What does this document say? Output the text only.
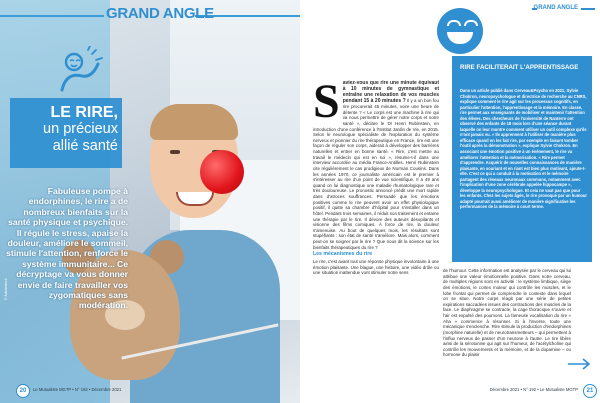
GRAND ANGLE
LE RIRE,
un précieux
allié santé
Fabuleuse pompe à endorphines, le rire a de nombreux bienfaits sur la santé physique et psychique. Il régule le stress, apaise la douleur, améliore le sommeil, stimule l'attention, renforce le système immunitaire... Ce décryptage va vous donner envie de faire travailler vos zygomatiques sans modération.
© Adobestock
20	Le Mutualiste MGTP • N° 192 • Décembre 2021
GRAND ANGLE
S aviez-vous que rire une minute équivaut à 10 minutes de gymnastique et entraîne une relaxation de vos muscles pendant 15 à 20 minutes ? Il y a un bon fou rire procurerait 45 minutes, voire une heure de détente ? « Le corps est une machine à rire qui va nous permettre de gérer notre corps et notre santé », déclare le Dr Henri Rubinstein, en introduction d'une conférence à l'Institut Jardin de Vie, en 2015. Selon le neurologue spécialiste de l'exploration du système nerveux et pionnier du rire thérapeutique en France, rire est une façon de réguler son corps, aiderait à développer des barrières naturelles et entrer en bonne santé. « Rire, c'est mettre au travail le médecin qui est en soi », résume-t-il dans une interview accordée au média France-Antilles. Henri Rubinstein cite régulièrement le cas prodigieux de Norman Cousins. Dans les années 1970, ce journaliste américain est le premier à s'intéresser au rire d'un point de vue scientifique. Il a 49 ans quand on lui diagnostique une maladie rhumatologique rare et très douloureuse. Le pronostic annoncé prédit une mort rapide dans d'atroces souffrances. Persuadé que les émotions positives comme le rire peuvent avoir un effet physiologique positif, il quitte sa chambre d'hôpital pour s'installer dans un hôtel. Pendant trois semaines, il réduit son traitement et entame une thérapie par le rire. Il dévore des auteurs désopilants et visionne des films comiques. À force de rire, la douleur s'amenuise. Au bout de quelques mois, les résultats sont stupéfiants : son état de santé s'améliore. Mais alors, comment peut-on se soigner par le rire ? Que nous dit la science sur les bienfaits thérapeutiques du rire ?
Les mécanismes du rire
Le rire, c'est avant tout une réponse physique involontaire à une émotion plaisante. Une blague, une histoire, une vidéo drôle ou une situation inattendue vont stimuler notre sens
RIRE FACILITERAIT L'APPRENTISSAGE
Dans un article publié dans Cerveau&Psycho en 2021, Sylvie Chokron, neuropsychologue et directrice de recherche au CNRS, explique comment le rire agit sur les processus cognitifs, en particulier l'attention, l'apprentissage et la mémoire. En classe, rire permet aux enseignants de mobiliser et maintenir l'attention des élèves. Des chercheurs de l'université de Nanterre ont observé des enfants de 18 mois lors d'une séance durant laquelle on leur montre comment utiliser un outil complexe qu'ils n'ont jamais vu. « Ils apprennent à l'utiliser de manière plus efficace quand on les fait rire, par exemple en faisant tomber l'outil après la démonstration », explique Sylvie Chokron. En associant une émotion positive à un événement, le rire va améliorer l'attention et la mémorisation. « Rire permet d'apprendre. Acquérir de nouvelles connaissances de manière plaisante, en souriant et en riant est bien plus motivant, ajoute-t-elle. C'est ce qui a conduit à la motivation et le mémoire partagent des réseaux neuronaux communs, notamment avec l'implication d'une zone cérébrale appelée hippocampe », développe la neuropsychologue. Et cela ne vaut pas que pour les enfants. Chez les sujets âgés, le rire provoqué par un humour adapté pourrait aussi améliorer de manière significative les performances de la mémoire à court terme.
de l'humour. Cette information est analysée par le cerveau qui lui attribue une valeur émotionnelle positive. Dans notre cerveau, de multiples régions sont en activité : le système limbique, siège des émotions, le cortex moteur qui contrôle les muscles, et le lobe frontal qui permet de comprendre le contexte dans lequel on se situe. Notre corps réagit par une série de petites expirations saccadées issues des contractions des muscles de la face. Le diaphragme se contracte, la cage thoracique s'ouvre et l'air est expulsé des poumons. La fameuse vocalisation du rire « Aha » commence à résonner. Si à l'inverse, toute une mécanique s'enclenche. Rire stimule la production d'endorphines (morphine naturelle) et de neurotransmetteurs – qui permettent à l'influx nerveux de passer d'un neurone à l'autre. Le rire libère ainsi de la sérotonine qui agit sur l'humeur, de l'acétylcholine qui contrôle les mouvements et la mémoire, et de la dopamine – ou hormone du plaisir
21
Décembre 2021 • N° 192 • Le Mutualiste MGTP
